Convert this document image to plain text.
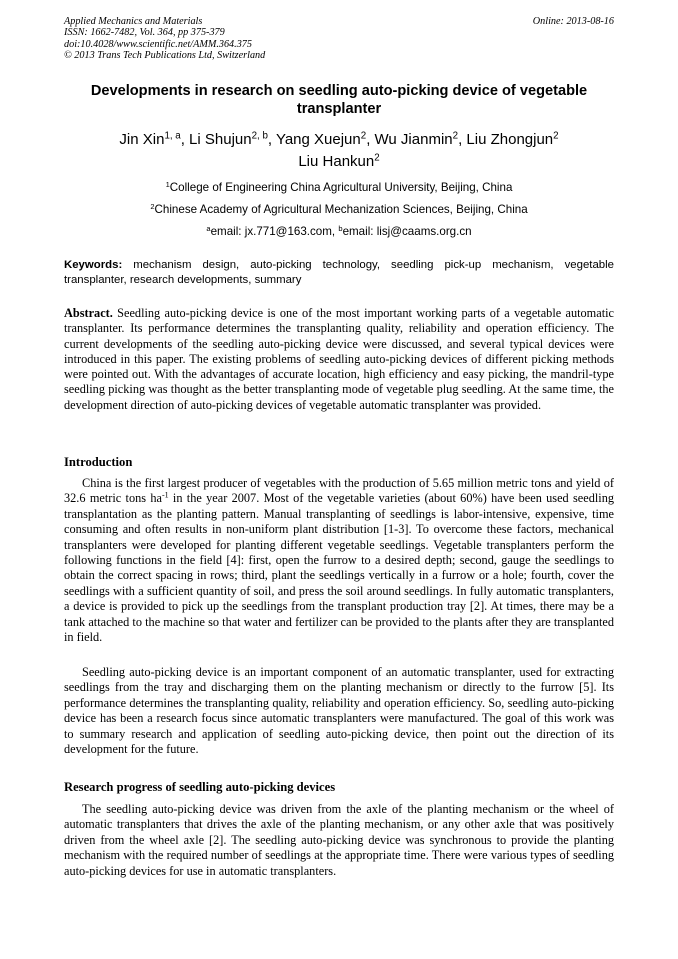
Applied Mechanics and Materials
ISSN: 1662-7482, Vol. 364, pp 375-379
doi:10.4028/www.scientific.net/AMM.364.375
© 2013 Trans Tech Publications Ltd, Switzerland
Online: 2013-08-16
Developments in research on seedling auto-picking device of vegetable transplanter
Jin Xin$^{1, a}$, Li Shujun$^{2, b}$, Yang Xuejun$^2$, Wu Jianmin$^2$, Liu Zhongjun$^2$
Liu Hankun$^2$
$^1$College of Engineering China Agricultural University, Beijing, China
$^2$Chinese Academy of Agricultural Mechanization Sciences, Beijing, China
$^a$email: jx.771@163.com, $^b$email: lisj@caams.org.cn
Keywords: mechanism design, auto-picking technology, seedling pick-up mechanism, vegetable transplanter, research developments, summary
Abstract. Seedling auto-picking device is one of the most important working parts of a vegetable automatic transplanter. Its performance determines the transplanting quality, reliability and operation efficiency. The current developments of the seedling auto-picking device were discussed, and several typical devices were introduced in this paper. The existing problems of seedling auto-picking devices of different picking methods were pointed out. With the advantages of accurate location, high efficiency and easy picking, the mandril-type seedling picking was thought as the better transplanting mode of vegetable plug seedling. At the same time, the development direction of auto-picking devices of vegetable automatic transplanter was provided.
Introduction
China is the first largest producer of vegetables with the production of 5.65 million metric tons and yield of 32.6 metric tons $ha^{-1}$ in the year 2007. Most of the vegetable varieties (about 60%) have been used seedling transplantation as the planting pattern. Manual transplanting of seedlings is labor-intensive, expensive, time consuming and often results in non-uniform plant distribution [1-3]. To overcome these factors, mechanical transplanters were developed for planting different vegetable seedlings. Vegetable transplanters perform the following functions in the field [4]: first, open the furrow to a desired depth; second, gauge the seedlings to obtain the correct spacing in rows; third, plant the seedlings vertically in a furrow or a hole; fourth, cover the seedlings with a sufficient quantity of soil, and press the soil around seedlings. In fully automatic transplanters, a device is provided to pick up the seedlings from the transplant production tray [2]. At times, there may be a tank attached to the machine so that water and fertilizer can be provided to the plants after they are transplanted in field.
Seedling auto-picking device is an important component of an automatic transplanter, used for extracting seedlings from the tray and discharging them on the planting mechanism or directly to the furrow [5]. Its performance determines the transplanting quality, reliability and operation efficiency. So, seedling auto-picking device has been a research focus since automatic transplanters were manufactured. The goal of this work was to summary research and application of seedling auto-picking device, then point out the direction of its development for the future.
Research progress of seedling auto-picking devices
The seedling auto-picking device was driven from the axle of the planting mechanism or the wheel of automatic transplanters that drives the axle of the planting mechanism, or any other axle that was positively driven from the wheel axle [2]. The seedling auto-picking device was synchronous to provide the planting mechanism with the required number of seedlings at the appropriate time. There were various types of seedling auto-picking devices for use in automatic transplanters.
